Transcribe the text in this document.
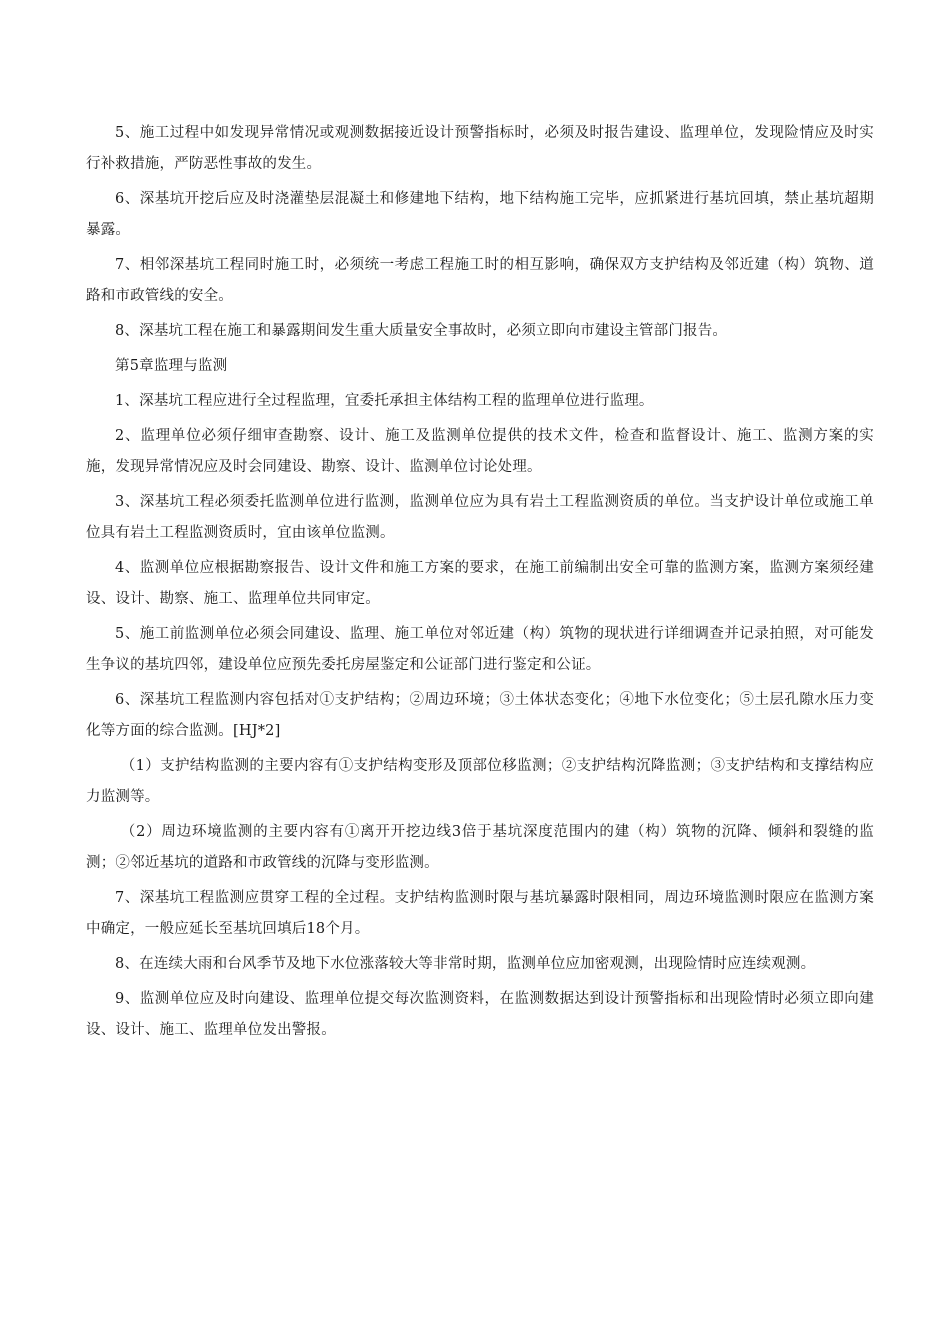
5、施工过程中如发现异常情况或观测数据接近设计预警指标时，必须及时报告建设、监理单位，发现险情应及时实行补救措施，严防恶性事故的发生。

6、深基坑开挖后应及时浇灌垫层混凝土和修建地下结构，地下结构施工完毕，应抓紧进行基坑回填，禁止基坑超期暴露。

7、相邻深基坑工程同时施工时，必须统一考虑工程施工时的相互影响，确保双方支护结构及邻近建（构）筑物、道路和市政管线的安全。

8、深基坑工程在施工和暴露期间发生重大质量安全事故时，必须立即向市建设主管部门报告。

第5章监理与监测

1、深基坑工程应进行全过程监理，宜委托承担主体结构工程的监理单位进行监理。

2、监理单位必须仔细审查勘察、设计、施工及监测单位提供的技术文件，检查和监督设计、施工、监测方案的实施，发现异常情况应及时会同建设、勘察、设计、监测单位讨论处理。

3、深基坑工程必须委托监测单位进行监测，监测单位应为具有岩土工程监测资质的单位。当支护设计单位或施工单位具有岩土工程监测资质时，宜由该单位监测。

4、监测单位应根据勘察报告、设计文件和施工方案的要求，在施工前编制出安全可靠的监测方案，监测方案须经建设、设计、勘察、施工、监理单位共同审定。

5、施工前监测单位必须会同建设、监理、施工单位对邻近建（构）筑物的现状进行详细调查并记录拍照，对可能发生争议的基坑四邻，建设单位应预先委托房屋鉴定和公证部门进行鉴定和公证。

6、深基坑工程监测内容包括对①支护结构；②周边环境；③土体状态变化；④地下水位变化；⑤土层孔隙水压力变化等方面的综合监测。[HJ*2]

（1）支护结构监测的主要内容有①支护结构变形及顶部位移监测；②支护结构沉降监测；③支护结构和支撑结构应力监测等。

（2）周边环境监测的主要内容有①离开开挖边线3倍于基坑深度范围内的建（构）筑物的沉降、倾斜和裂缝的监测；②邻近基坑的道路和市政管线的沉降与变形监测。

7、深基坑工程监测应贯穿工程的全过程。支护结构监测时限与基坑暴露时限相同，周边环境监测时限应在监测方案中确定，一般应延长至基坑回填后18个月。

8、在连续大雨和台风季节及地下水位涨落较大等非常时期，监测单位应加密观测，出现险情时应连续观测。

9、监测单位应及时向建设、监理单位提交每次监测资料，在监测数据达到设计预警指标和出现险情时必须立即向建设、设计、施工、监理单位发出警报。
